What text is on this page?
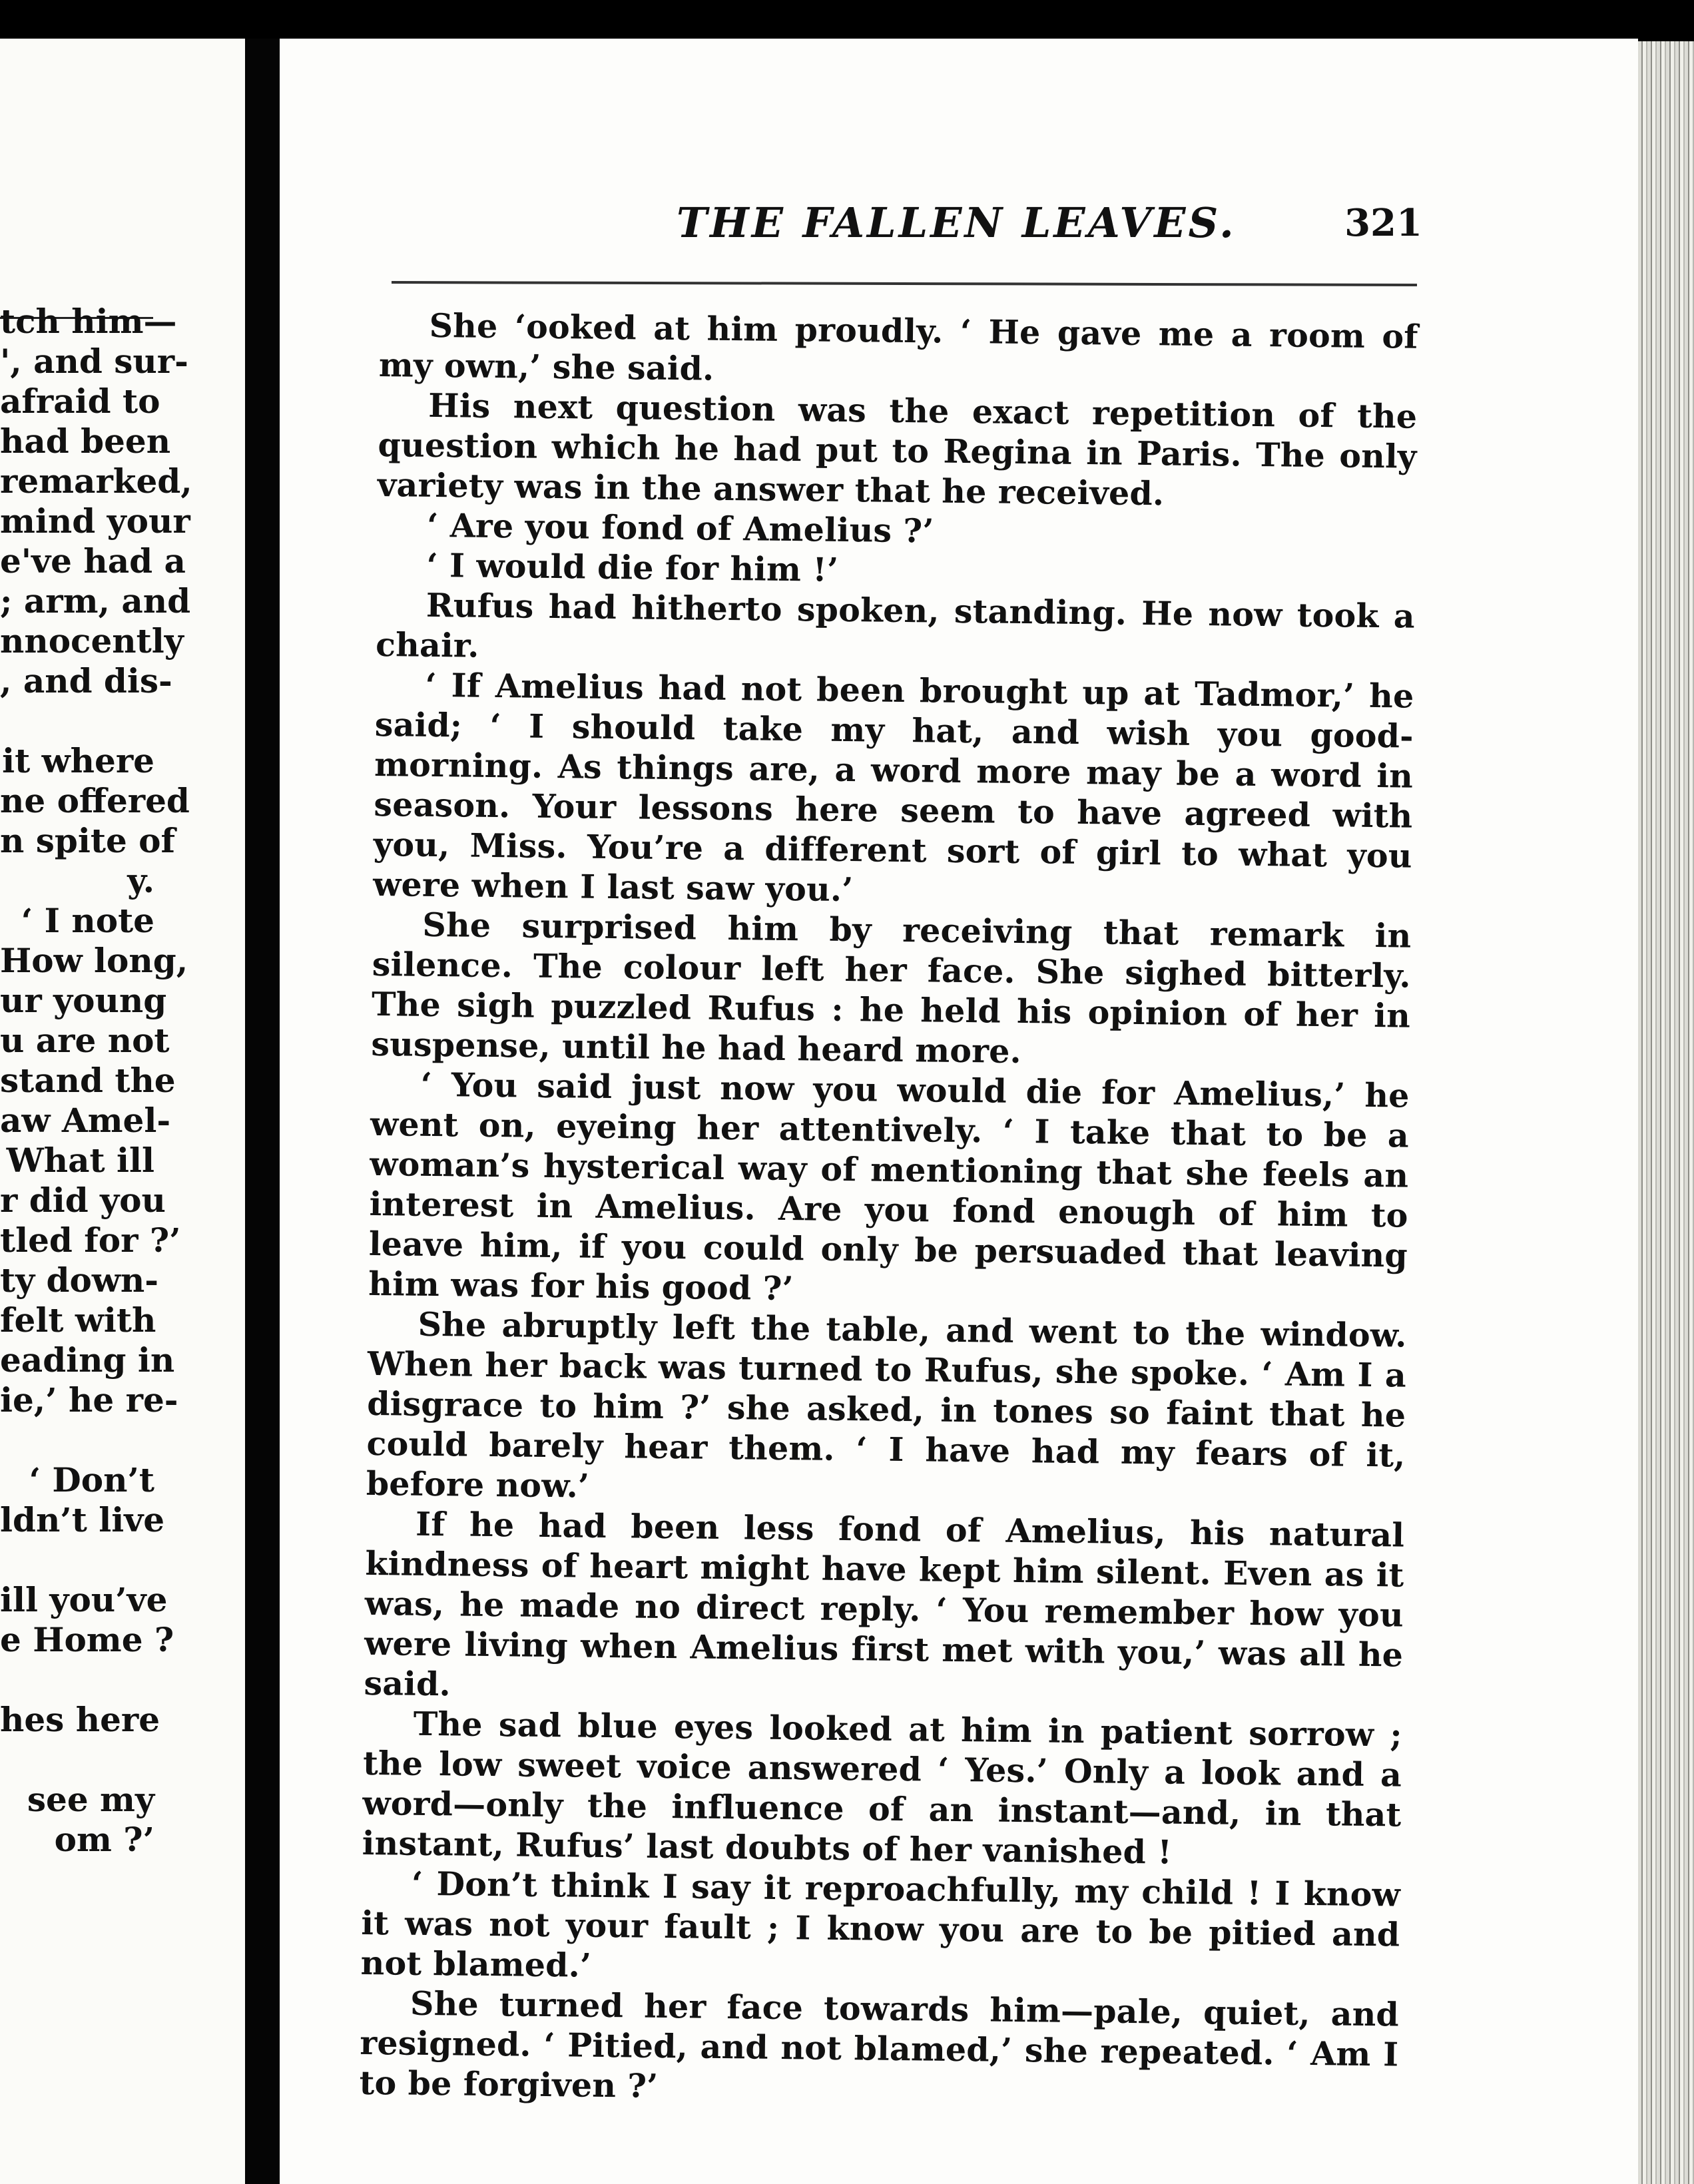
tch him—
', and sur-
afraid to
had been
remarked,
mind your
e've had a
; arm, and
nnocently
, and dis-
it where
ne offered
n spite of
y.
‘ I note
How long,
ur young
u are not
stand the
aw Amel-
What ill
r did you
tled for ?’
ty down-
felt with
eading in
ie,’ he re-
‘ Don’t
ldn’t live
ill you’ve
e Home ?
hes here
see my
om ?’
THE FALLEN LEAVES.	321

She ‘ooked at him proudly. ‘ He gave me a room of my own,’ she said.

His next question was the exact repetition of the question which he had put to Regina in Paris. The only variety was in the answer that he received.

‘ Are you fond of Amelius ?’

‘ I would die for him !’

Rufus had hitherto spoken, standing. He now took a chair.

‘ If Amelius had not been brought up at Tadmor,’ he said; ‘ I should take my hat, and wish you good-morning. As things are, a word more may be a word in season. Your lessons here seem to have agreed with you, Miss. You’re a different sort of girl to what you were when I last saw you.’

She surprised him by receiving that remark in silence. The colour left her face. She sighed bitterly. The sigh puzzled Rufus : he held his opinion of her in suspense, until he had heard more.

‘ You said just now you would die for Amelius,’ he went on, eyeing her attentively. ‘ I take that to be a woman’s hysterical way of mentioning that she feels an interest in Amelius. Are you fond enough of him to leave him, if you could only be persuaded that leaving him was for his good ?’

She abruptly left the table, and went to the window. When her back was turned to Rufus, she spoke. ‘ Am I a disgrace to him ?’ she asked, in tones so faint that he could barely hear them. ‘ I have had my fears of it, before now.’

If he had been less fond of Amelius, his natural kindness of heart might have kept him silent. Even as it was, he made no direct reply. ‘ You remember how you were living when Amelius first met with you,’ was all he said.

The sad blue eyes looked at him in patient sorrow ; the low sweet voice answered ‘ Yes.’ Only a look and a word—only the influence of an instant—and, in that instant, Rufus’ last doubts of her vanished !

‘ Don’t think I say it reproachfully, my child ! I know it was not your fault ; I know you are to be pitied and not blamed.’

She turned her face towards him—pale, quiet, and resigned. ‘ Pitied, and not blamed,’ she repeated. ‘ Am I to be forgiven ?’
